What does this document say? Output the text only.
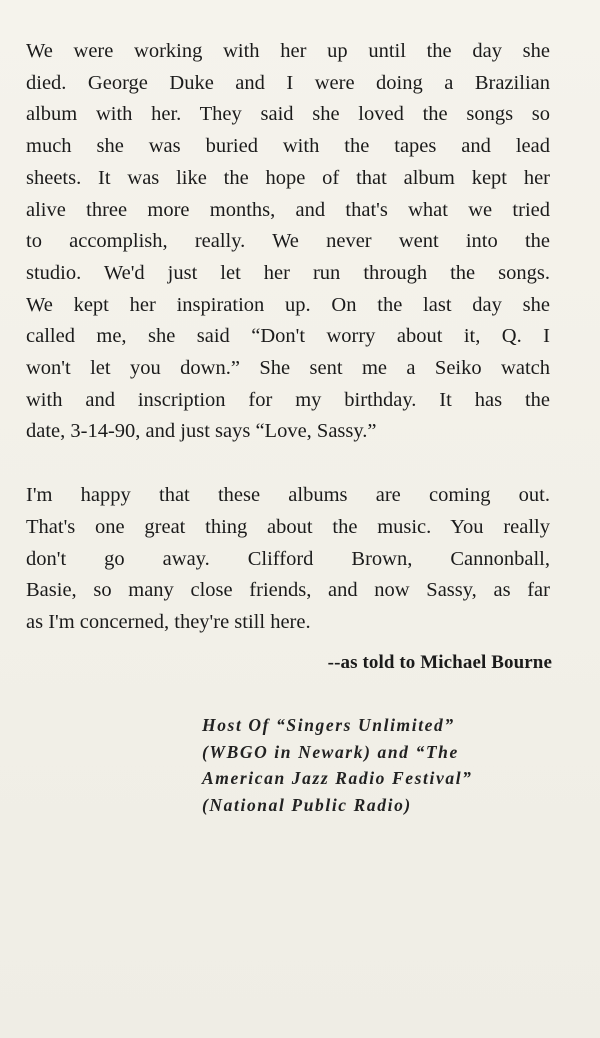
We were working with her up until the day she
died. George Duke and I were doing a Brazilian
album with her. They said she loved the songs so
much she was buried with the tapes and lead
sheets. It was like the hope of that album kept her
alive three more months, and that's what we tried
to accomplish, really. We never went into the
studio. We'd just let her run through the songs.
We kept her inspiration up. On the last day she
called me, she said “Don't worry about it, Q. I
won't let you down.” She sent me a Seiko watch
with and inscription for my birthday. It has the
date, 3-14-90, and just says “Love, Sassy.”
I'm happy that these albums are coming out.
That's one great thing about the music. You really
don't go away. Clifford Brown, Cannonball,
Basie, so many close friends, and now Sassy, as far
as I'm concerned, they're still here.
--as told to Michael Bourne
Host Of “Singers Unlimited”
(WBGO in Newark) and “The
American Jazz Radio Festival”
(National Public Radio)
